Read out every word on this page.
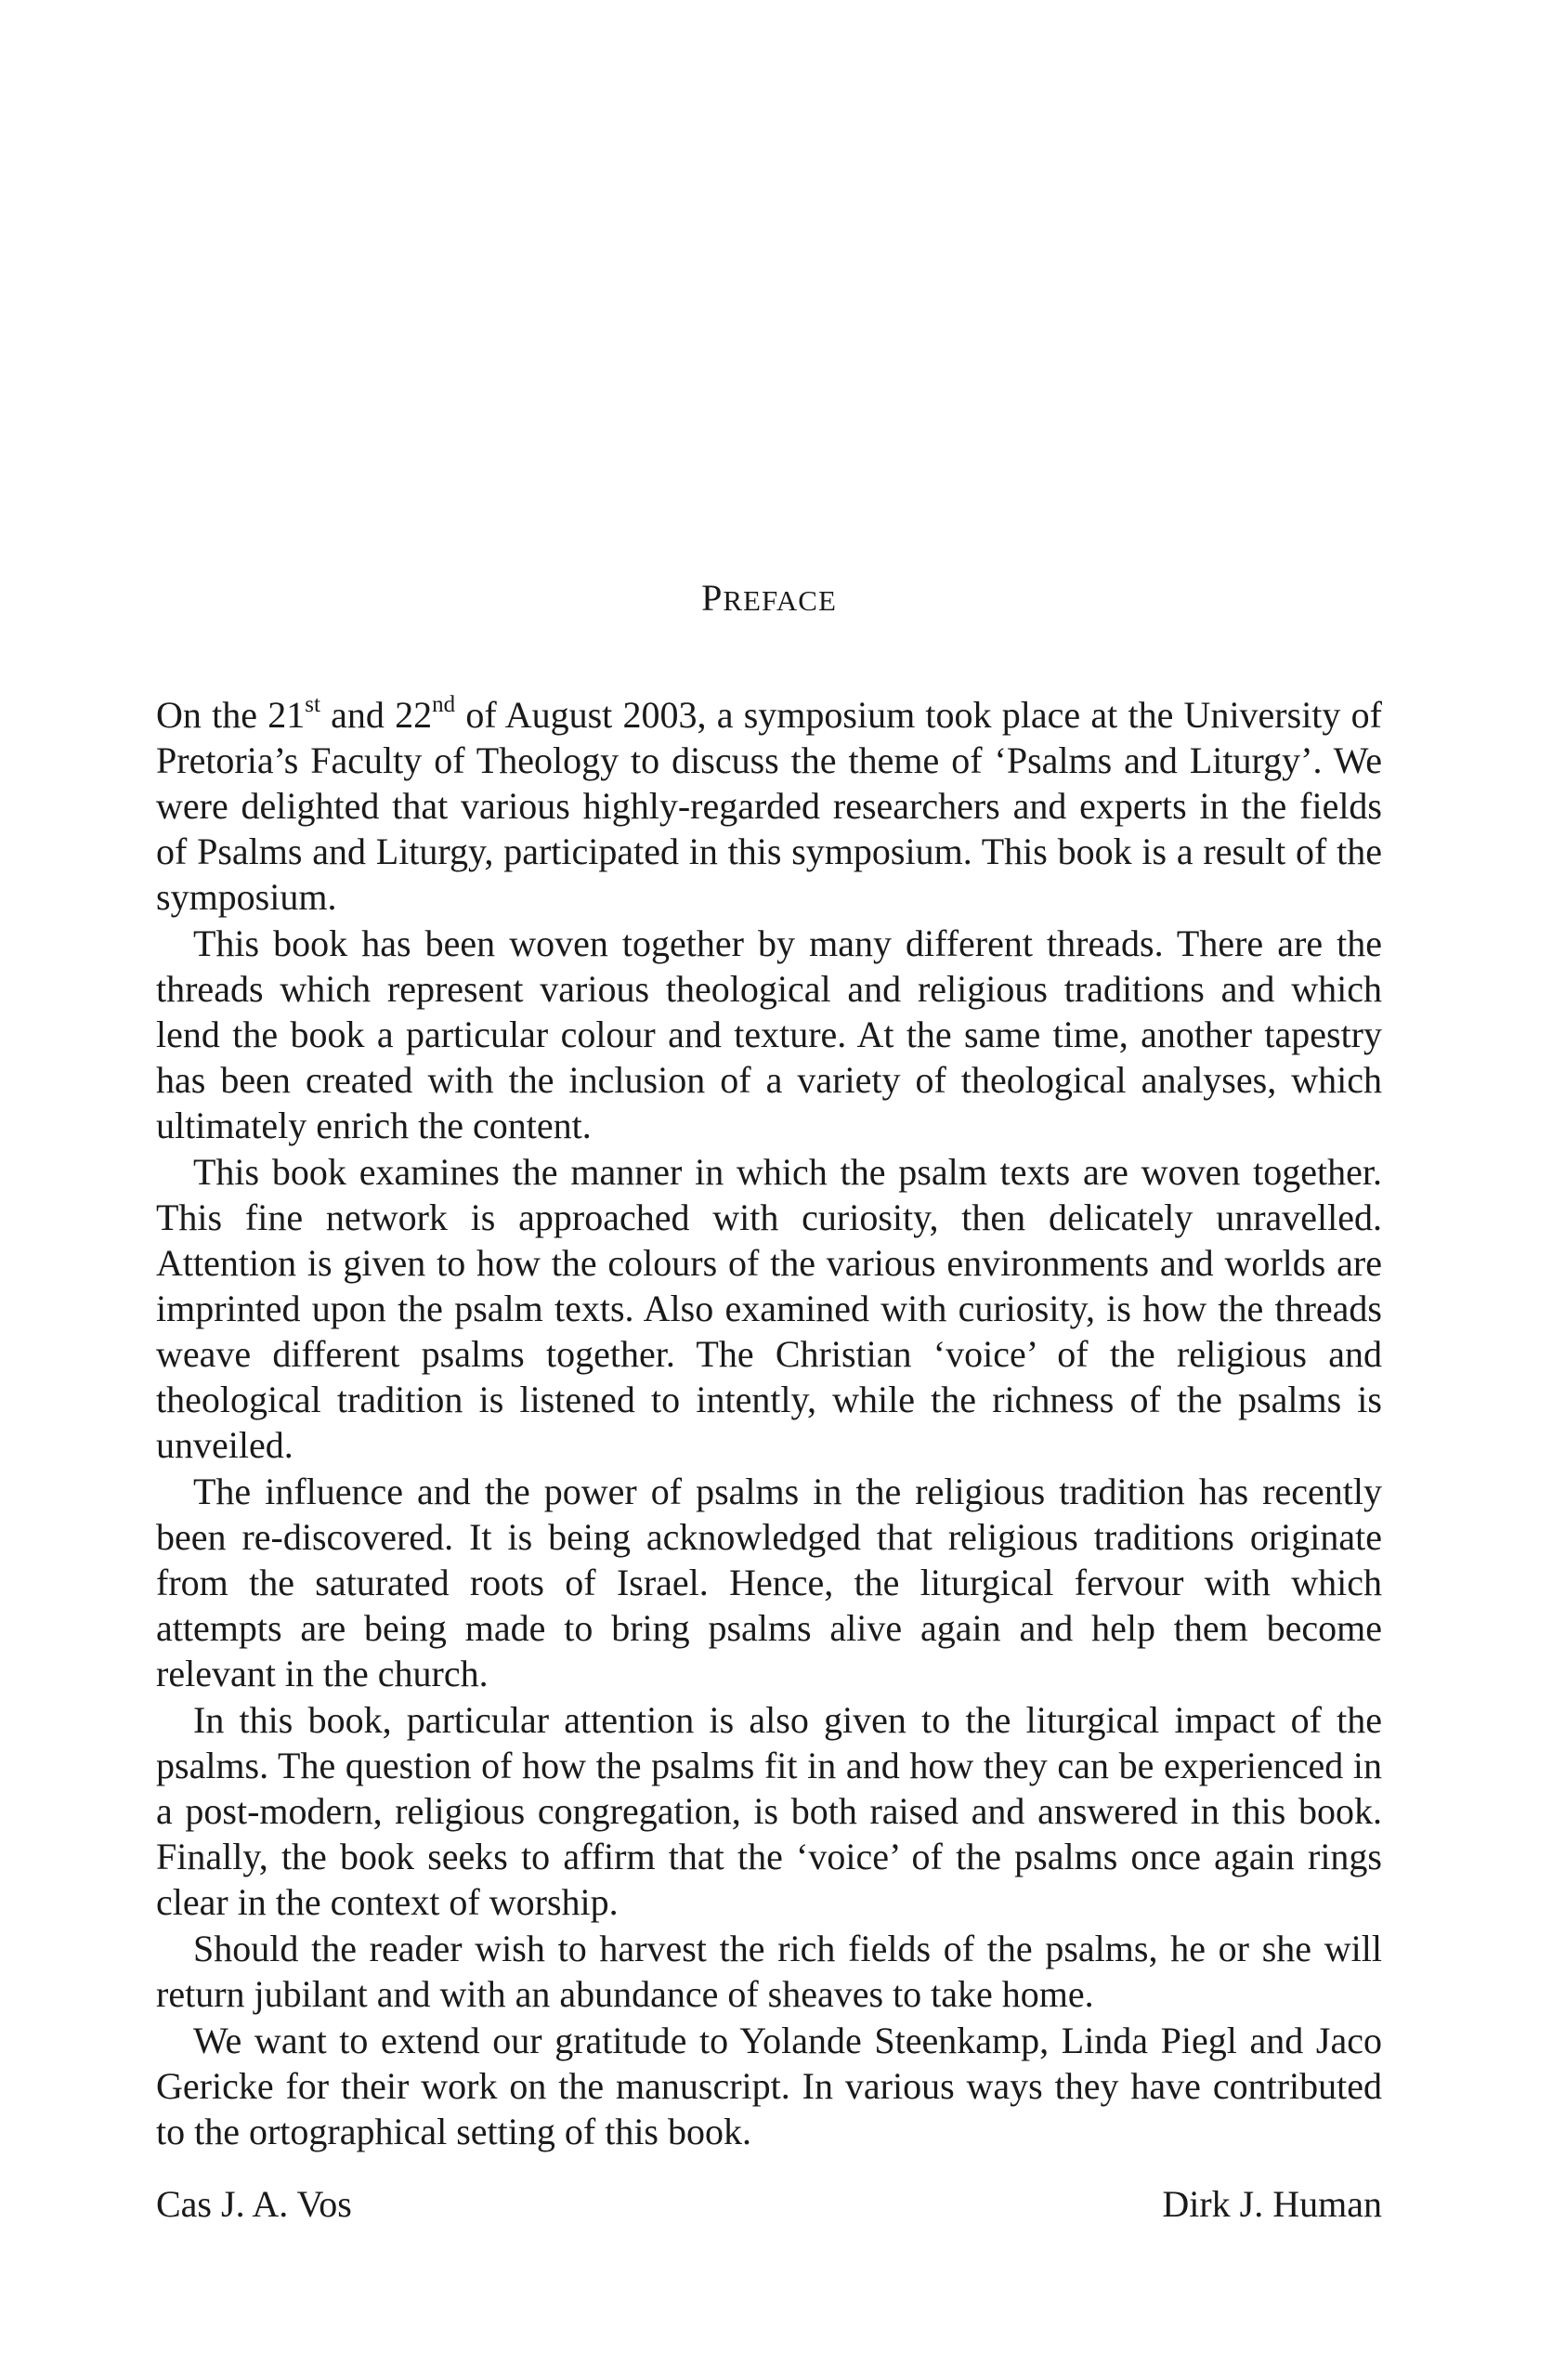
PREFACE

On the 21st and 22nd of August 2003, a symposium took place at the University of Pretoria’s Faculty of Theology to discuss the theme of ‘Psalms and Liturgy’. We were delighted that various highly-regarded researchers and experts in the fields of Psalms and Liturgy, participated in this symposium. This book is a result of the symposium.

This book has been woven together by many different threads. There are the threads which represent various theological and religious traditions and which lend the book a particular colour and texture. At the same time, another tapestry has been created with the inclusion of a variety of theological analyses, which ultimately enrich the content.

This book examines the manner in which the psalm texts are woven together. This fine network is approached with curiosity, then delicately unravelled. Attention is given to how the colours of the various environments and worlds are imprinted upon the psalm texts. Also examined with curiosity, is how the threads weave different psalms together. The Christian ‘voice’ of the religious and theological tradition is listened to intently, while the richness of the psalms is unveiled.

The influence and the power of psalms in the religious tradition has recently been re-discovered. It is being acknowledged that religious traditions originate from the saturated roots of Israel. Hence, the liturgical fervour with which attempts are being made to bring psalms alive again and help them become relevant in the church.

In this book, particular attention is also given to the liturgical impact of the psalms. The question of how the psalms fit in and how they can be experienced in a post-modern, religious congregation, is both raised and answered in this book. Finally, the book seeks to affirm that the ‘voice’ of the psalms once again rings clear in the context of worship.

Should the reader wish to harvest the rich fields of the psalms, he or she will return jubilant and with an abundance of sheaves to take home.

We want to extend our gratitude to Yolande Steenkamp, Linda Piegl and Jaco Gericke for their work on the manuscript. In various ways they have contributed to the ortographical setting of this book.

Cas J. A. Vos	Dirk J. Human
